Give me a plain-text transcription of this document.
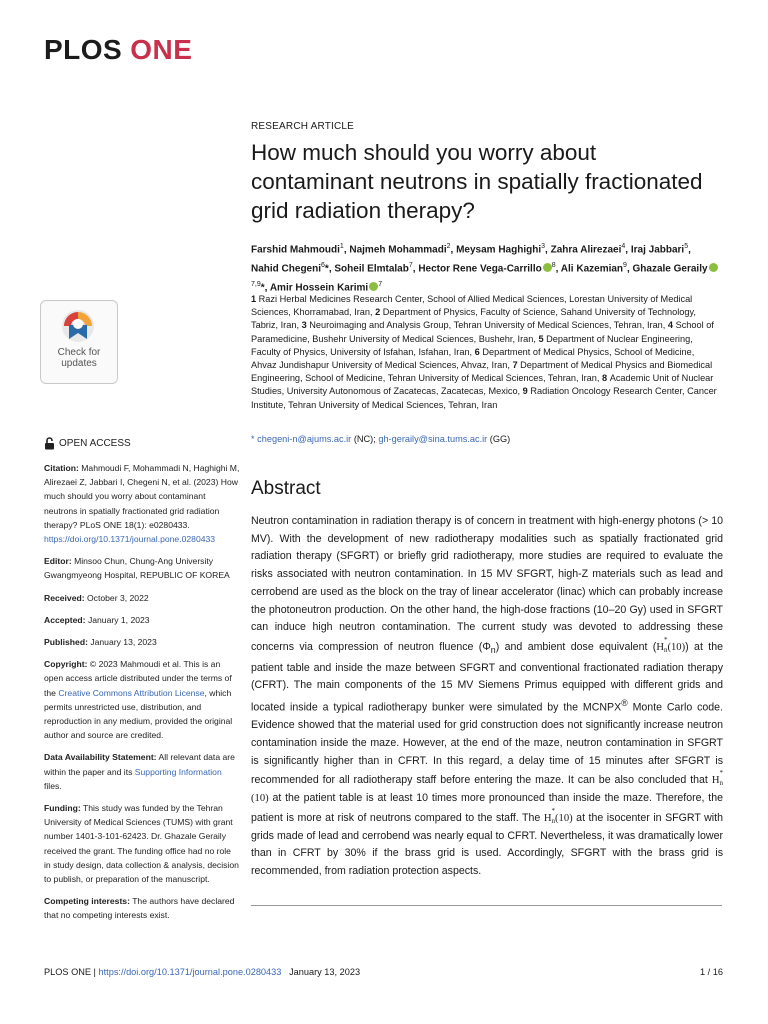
PLOS ONE
Check for
updates
OPEN ACCESS

Citation: Mahmoudi F, Mohammadi N, Haghighi M, Alirezaei Z, Jabbari I, Chegeni N, et al. (2023) How much should you worry about contaminant neutrons in spatially fractionated grid radiation therapy? PLoS ONE 18(1): e0280433. https://doi.org/10.1371/journal.pone.0280433

Editor: Minsoo Chun, Chung-Ang University Gwangmyeong Hospital, REPUBLIC OF KOREA

Received: October 3, 2022

Accepted: January 1, 2023

Published: January 13, 2023

Copyright: © 2023 Mahmoudi et al. This is an open access article distributed under the terms of the Creative Commons Attribution License, which permits unrestricted use, distribution, and reproduction in any medium, provided the original author and source are credited.

Data Availability Statement: All relevant data are within the paper and its Supporting Information files.

Funding: This study was funded by the Tehran University of Medical Sciences (TUMS) with grant number 1401-3-101-62423. Dr. Ghazale Geraily received the grant. The funding office had no role in study design, data collection & analysis, decision to publish, or preparation of the manuscript.

Competing interests: The authors have declared that no competing interests exist.

RESEARCH ARTICLE
How much should you worry about contaminant neutrons in spatially fractionated grid radiation therapy?
Farshid Mahmoudi$^1$, Najmeh Mohammadi$^2$, Meysam Haghighi$^3$, Zahra Alirezaei$^4$, Iraj Jabbari$^5$, Nahid Chegeni$^6$*, Soheil Elmtalab$^7$, Hector Rene Vega-Carrillo $^8$, Ali Kazemian$^9$, Ghazale Geraily$^{7,9}$*, Amir Hossein Karimi $^7$
1 Razi Herbal Medicines Research Center, School of Allied Medical Sciences, Lorestan University of Medical Sciences, Khorramabad, Iran, 2 Department of Physics, Faculty of Science, Sahand University of Technology, Tabriz, Iran, 3 Neuroimaging and Analysis Group, Tehran University of Medical Sciences, Tehran, Iran, 4 School of Paramedicine, Bushehr University of Medical Sciences, Bushehr, Iran, 5 Department of Nuclear Engineering, Faculty of Physics, University of Isfahan, Isfahan, Iran, 6 Department of Medical Physics, School of Medicine, Ahvaz Jundishapur University of Medical Sciences, Ahvaz, Iran, 7 Department of Medical Physics and Biomedical Engineering, School of Medicine, Tehran University of Medical Sciences, Tehran, Iran, 8 Academic Unit of Nuclear Studies, University Autonomous of Zacatecas, Zacatecas, Mexico, 9 Radiation Oncology Research Center, Cancer Institute, Tehran University of Medical Sciences, Tehran, Iran
* chegeni-n@ajums.ac.ir (NC); gh-geraily@sina.tums.ac.ir (GG)
Abstract
Neutron contamination in radiation therapy is of concern in treatment with high-energy photons (> 10 MV). With the development of new radiotherapy modalities such as spatially fractionated grid radiation therapy (SFGRT) or briefly grid radiotherapy, more studies are required to evaluate the risks associated with neutron contamination. In 15 MV SFGRT, high-Z materials such as lead and cerrobend are used as the block on the tray of linear accelerator (linac) which can probably increase the photoneutron production. On the other hand, the high-dose fractions (10–20 Gy) used in SFGRT can induce high neutron contamination. The current study was devoted to addressing these concerns via compression of neutron fluence $(\Phi_n)$ and ambient dose equivalent (H*
n(10)) at the patient table and inside the maze between SFGRT and conventional fractionated radiation therapy (CFRT). The main components of the 15 MV Siemens Primus equipped with different grids and located inside a typical radiotherapy bunker were simulated by the MCNPX® Monte Carlo code. Evidence showed that the material used for grid construction does not significantly increase neutron contamination inside the maze. However, at the end of the maze, neutron contamination in SFGRT is significantly higher than in CFRT. In this regard, a delay time of 15 minutes after SFGRT is recommended for all radiotherapy staff before entering the maze. It can be also concluded that H*
n(10) at the patient table is at least 10 times more pronounced than inside the maze. Therefore, the patient is more at risk of neutrons compared to the staff. The H*
n(10) at the isocenter in SFGRT with grids made of lead and cerrobend was nearly equal to CFRT. Nevertheless, it was dramatically lower than in CFRT by 30% if the brass grid is used. Accordingly, SFGRT with the brass grid is recommended, from radiation protection aspects.
PLOS ONE | https://doi.org/10.1371/journal.pone.0280433 January 13, 2023	1 / 16
